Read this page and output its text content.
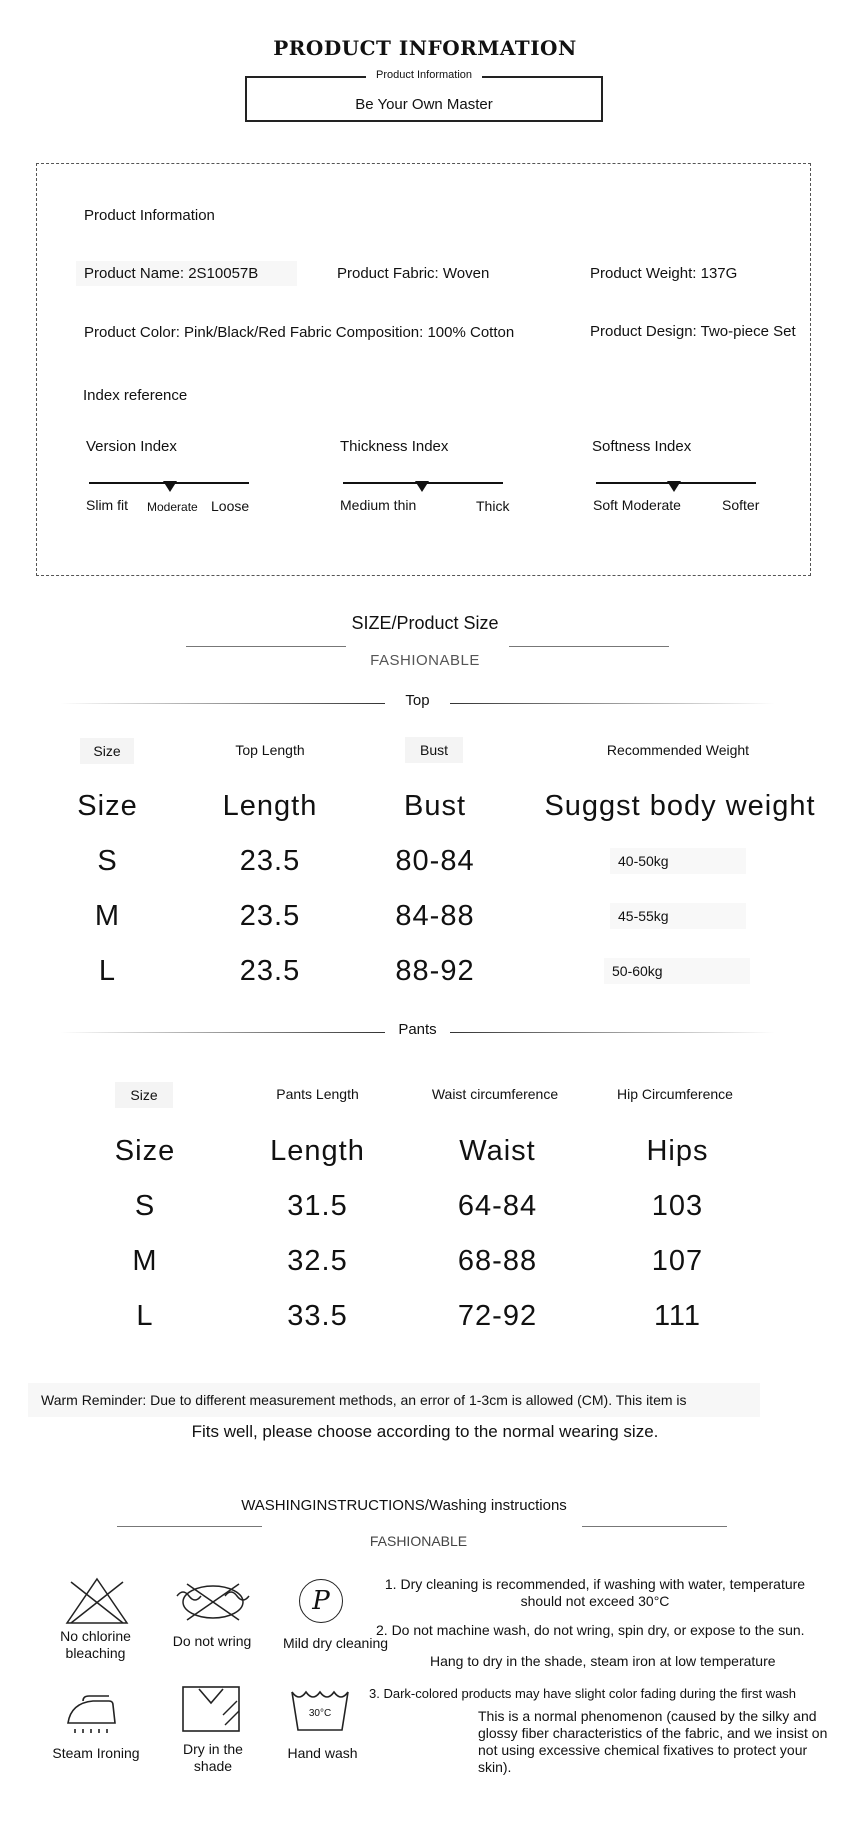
PRODUCT INFORMATION
Product Information
Be Your Own Master
Product Information
Product Name: 2S10057B	Product Fabric: Woven	Product Weight: 137G
Product Color: Pink/Black/Red Fabric Composition: 100% Cotton	Product Design: Two-piece Set
Index reference
Version Index
Slim fit Moderate Loose
Thickness Index
Medium thin	Thick
Softness Index
Soft Moderate	Softer
SIZE/Product Size
FASHIONABLE
Top
Size	Top Length	Bust	Recommended Weight
Size	Length	Bust	Suggst body weight
S	23.5	80-84	40-50kg
M	23.5	84-88	45-55kg
L	23.5	88-92	50-60kg
Pants
Size	Pants Length	Waist circumference	Hip Circumference
Size	Length	Waist	Hips
S	31.5	64-84	103
M	32.5	68-88	107
L	33.5	72-92	111
Warm Reminder: Due to different measurement methods, an error of 1-3cm is allowed (CM). This item is
Fits well, please choose according to the normal wearing size.
WASHINGINSTRUCTIONS/Washing instructions
FASHIONABLE
No chlorine bleaching
Do not wring
P
Mild dry cleaning
Steam Ironing	Dry in the shade
30°C
Hand wash
1. Dry cleaning is recommended, if washing with water, temperature
should not exceed 30°C
2. Do not machine wash, do not wring, spin dry, or expose to the sun.
Hang to dry in the shade, steam iron at low temperature
3. Dark-colored products may have slight color fading during the first wash
This is a normal phenomenon (caused by the silky and glossy fiber characteristics of the fabric, and we insist on not using excessive chemical fixatives to protect your skin).
